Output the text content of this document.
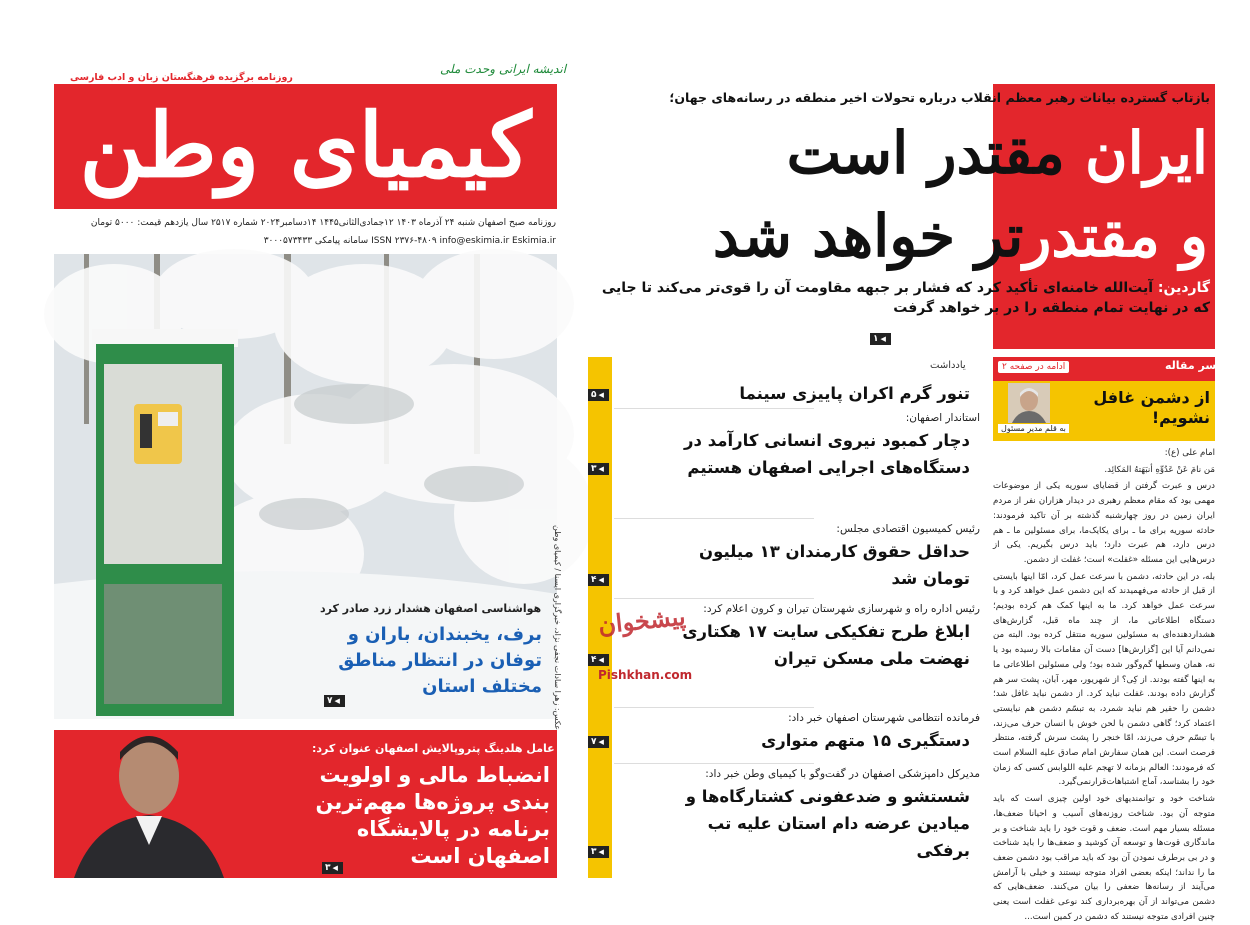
اندیشه ایرانی وحدت ملی
روزنامه برگزیده فرهنگستان زبان و ادب فارسی
کیمیای وطن
روزنامه صبح اصفهان شنبه ۲۴ آذرماه ۱۴۰۳ ۱۲جمادی‌الثانی۱۴۴۵ ۱۴دسامبر۲۰۲۴ شماره ۲۵۱۷ سال یازدهم قیمت: ۵۰۰۰ تومان
ISSN ۲۳۷۶-۴۸۰۹ info@eskimia.ir Eskimia.ir سامانه پیامکی ۳۰۰۰۵۷۳۴۳۳
عکس: زهرا سادات نجفی نژاد، خبرگزاری ایسنا / کیمیای وطن
هواشناسی اصفهان هشدار زرد صادر کرد
برف، یخبندان، باران و توفان در انتظار مناطق مختلف استان
◀ ۷
مدیر عامل هلدینگ پتروپالایش اصفهان عنوان کرد:
انضباط مالی و اولویت بندی پروژه‌ها مهم‌ترین برنامه در پالایشگاه اصفهان است
◀ ۳
بازتاب گسترده بیانات رهبر معظم انقلاب درباره تحولات اخیر منطقه در رسانه‌های جهان؛
ایران مقتدر است
و مقتدرتر خواهد شد
گاردین: آیت‌الله خامنه‌ای تأکید کرد که فشار بر جبهه مقاومت آن را قوی‌تر می‌کند تا جایی که در نهایت تمام منطقه را در بر خواهد گرفت
◀ ۱
یادداشت
تنور گرم اکران پاییزی سینما
◀ ۵
استاندار اصفهان:
دچار کمبود نیروی انسانی کارآمد در دستگاه‌های اجرایی اصفهان هستیم
◀ ۳
رئیس کمیسیون اقتصادی مجلس:
حداقل حقوق کارمندان ۱۳ میلیون تومان شد
◀ ۴
رئیس اداره راه و شهرسازی شهرستان تیران و کرون اعلام کرد:
ابلاغ طرح تفکیکی سایت ۱۷ هکتاری نهضت ملی مسکن تیران
◀ ۴
فرمانده انتظامی شهرستان اصفهان خبر داد:
دستگیری ۱۵ متهم متواری
◀ ۷
مدیرکل دامپزشکی اصفهان در گفت‌وگو با کیمیای وطن خبر داد:
شستشو و ضدعفونی کشتارگاه‌ها و میادین عرضه دام استان علیه تب برفکی
◀ ۳
سر مقاله
ادامه در صفحه ۲
از دشمن غافل نشویم!
به قلم مدیر مسئول

امام علی (ع):

مَن نامَ عَنْ عَدُوِّهِ أنبَهَتهُ المَکائِد.

درس و عبرت گرفتن از قضایای سوریه یکی از موضوعات مهمی بود که مقام معظم رهبری در دیدار هزاران نفر از مردم ایران زمین در روز چهارشنبه گذشته بر آن تاکید فرمودند: حادثه سوریه برای ما ـ برای یکایک‌ما، برای مسئولین ما ـ هم درس دارد، هم عبرت دارد؛ باید درس بگیریم. یکی از درس‌هایی این مسئله «غفلت» است؛ غفلت از دشمن.

بله، در این حادثه، دشمن با سرعت عمل کرد، امّا اینها بایستی از قبل از حادثه می‌فهمیدند که این دشمن عمل خواهد کرد و با سرعت عمل خواهد کرد. ما به اینها کمک هم کرده بودیم؛ دستگاه اطلاعاتی ما، از چند ماه قبل، گزارش‌های هشداردهنده‌ای به مسئولین سوریه منتقل کرده بود. البته من نمی‌دانم آیا این [گزارش‌ها] دست آن مقامات بالا رسیده بود یا نه، همان وسطها گم‌وگور شده بود؛ ولی مسئولین اطلاعاتی ما به اینها گفته بودند. از کِی؟ از شهریور، مهر، آبان، پشت سر هم گزارش داده بودند. غفلت نباید کرد. از دشمن نباید غافل شد؛ دشمن را حقیر هم نباید شمرد، به تبسّم دشمن هم نبایستی اعتماد کرد؛ گاهی دشمن با لحن خوش با انسان حرف می‌زند، با تبسّم حرف می‌زند، امّا خنجر را پشت سرش گرفته، منتظر فرصت است. این همان سفارش امام صادق علیه السلام است که فرمودند: العالم بزمانه لا تهجم علیه اللوابس کسی که زمان خود را بشناسد، آماج اشتباهات‌قرار‌نمی‌گیرد.

شناخت خود و توانمندیهای خود اولین چیزی است که باید متوجه آن بود. شناخت روزنه‌های آسیب و احیانا ضعف‌ها، مسئله بسیار مهم است. ضعف و قوت خود را باید شناخت و بر ماندگاری قوت‌ها و توسعه آن کوشید و ضعف‌ها را باید شناخت و در بی برطرف نمودن آن بود که باید مراقب بود دشمن ضعف ما را نداند؛ اینکه بعضی افراد متوجه نیستند و خیلی با آرامش می‌آیند از رسانه‌ها ضعفی را بیان می‌کنند. ضعف‌هایی که دشمن می‌تواند از آن بهره‌برداری کند نوعی غفلت است یعنی چنین افرادی متوجه نیستند که دشمن در کمین است...

پیشخوان
Pishkhan.com
